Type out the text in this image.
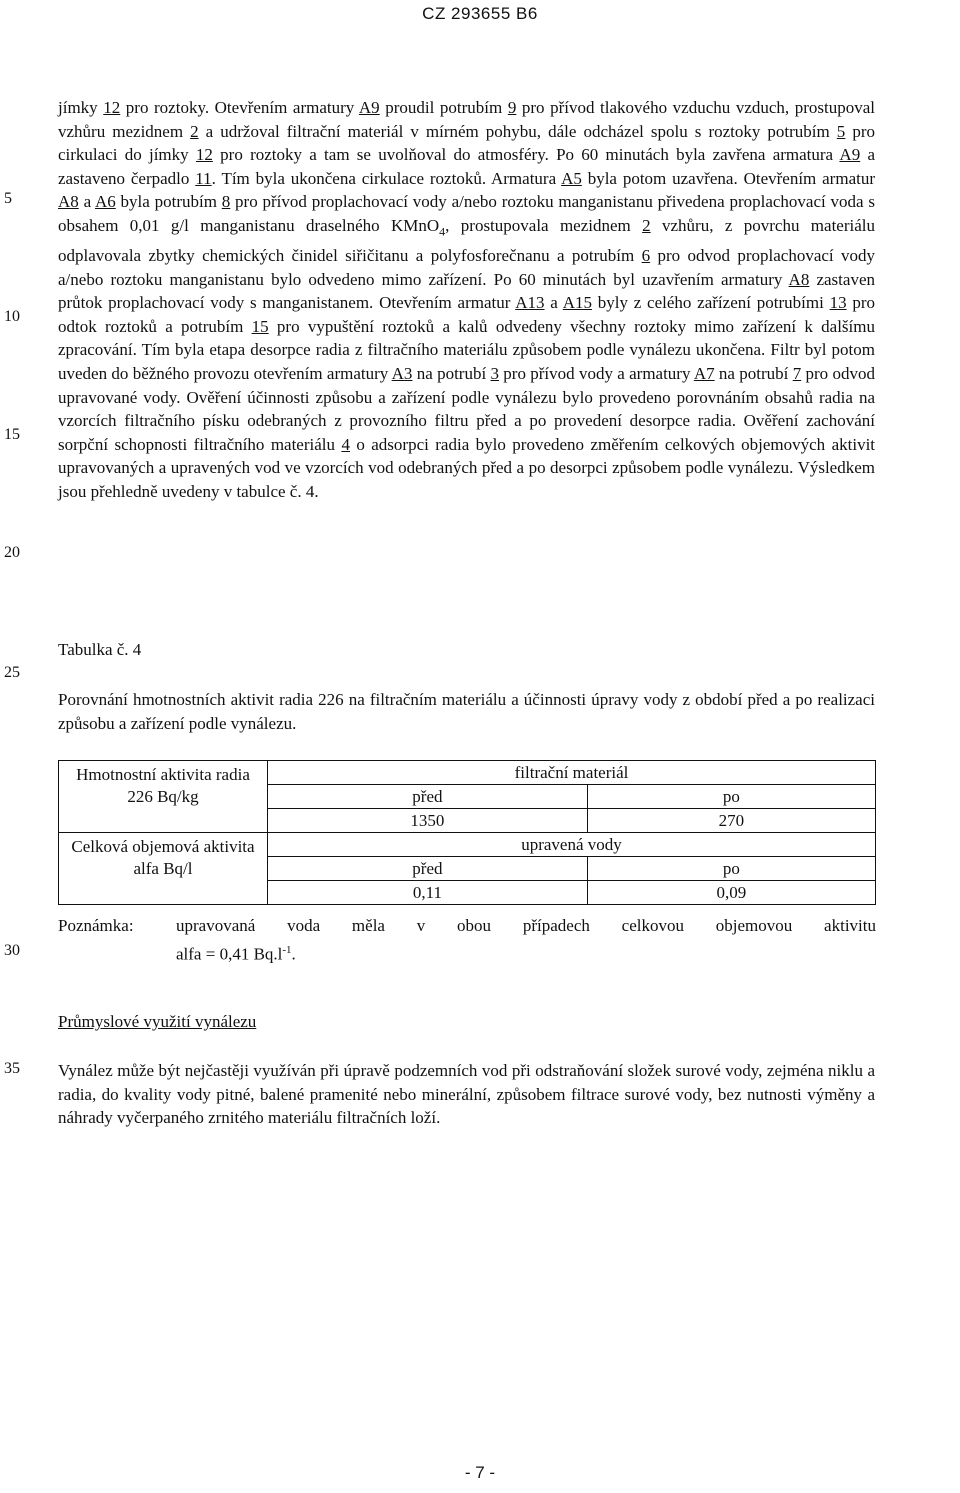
CZ 293655 B6
5
10
15
20
25
30
35

jímky 12 pro roztoky. Otevřením armatury A9 proudil potrubím 9 pro přívod tlakového vzduchu vzduch, prostupoval vzhůru mezidnem 2 a udržoval filtrační materiál v mírném pohybu, dále odcházel spolu s roztoky potrubím 5 pro cirkulaci do jímky 12 pro roztoky a tam se uvolňoval do atmosféry. Po 60 minutách byla zavřena armatura A9 a zastaveno čerpadlo 11. Tím byla ukončena cirkulace roztoků. Armatura A5 byla potom uzavřena. Otevřením armatur A8 a A6 byla potrubím 8 pro přívod proplachovací vody a/nebo roztoku manganistanu přivedena proplachovací voda s obsahem 0,01 g/l manganistanu draselného KMnO$_4$, prostupovala mezidnem 2 vzhůru, z povrchu materiálu odplavovala zbytky chemických činidel siřičitanu a polyfosforečnanu a potrubím 6 pro odvod proplachovací vody a/nebo roztoku manganistanu bylo odvedeno mimo zařízení. Po 60 minutách byl uzavřením armatury A8 zastaven průtok proplachovací vody s manganistanem. Otevřením armatur A13 a A15 byly z celého zařízení potrubími 13 pro odtok roztoků a potrubím 15 pro vypuštění roztoků a kalů odvedeny všechny roztoky mimo zařízení k dalšímu zpracování. Tím byla etapa desorpce radia z filtračního materiálu způsobem podle vynálezu ukončena. Filtr byl potom uveden do běžného provozu otevřením armatury A3 na potrubí 3 pro přívod vody a armatury A7 na potrubí 7 pro odvod upravované vody. Ověření účinnosti způsobu a zařízení podle vynálezu bylo provedeno porovnáním obsahů radia na vzorcích filtračního písku odebraných z provozního filtru před a po provedení desorpce radia. Ověření zachování sorpční schopnosti filtračního materiálu 4 o adsorpci radia bylo provedeno změřením celkových objemových aktivit upravovaných a upravených vod ve vzorcích vod odebraných před a po desorpci způsobem podle vynálezu. Výsledkem jsou přehledně uvedeny v tabulce č. 4.

Tabulka č. 4
Porovnání hmotnostních aktivit radia 226 na filtračním materiálu a účinnosti úpravy vody z období před a po realizaci způsobu a zařízení podle vynálezu.
Hmotnostní aktivita radia
226 Bq/kg	filtrační materiál	
	před	po
	1350	270

Celková objemová aktivita
alfa Bq/l	upravená vody	
	před	po
	0,11	0,09
Poznámka: upravovaná voda měla v obou případech celkovou objemovou aktivitu
alfa = 0,41 $Bq.l^{-1}$.
Průmyslové využití vynálezu
Vynález může být nejčastěji využíván při úpravě podzemních vod při odstraňování složek surové vody, zejména niklu a radia, do kvality vody pitné, balené pramenité nebo minerální, způsobem filtrace surové vody, bez nutnosti výměny a náhrady vyčerpaného zrnitého materiálu filtračních loží.
- 7 -
